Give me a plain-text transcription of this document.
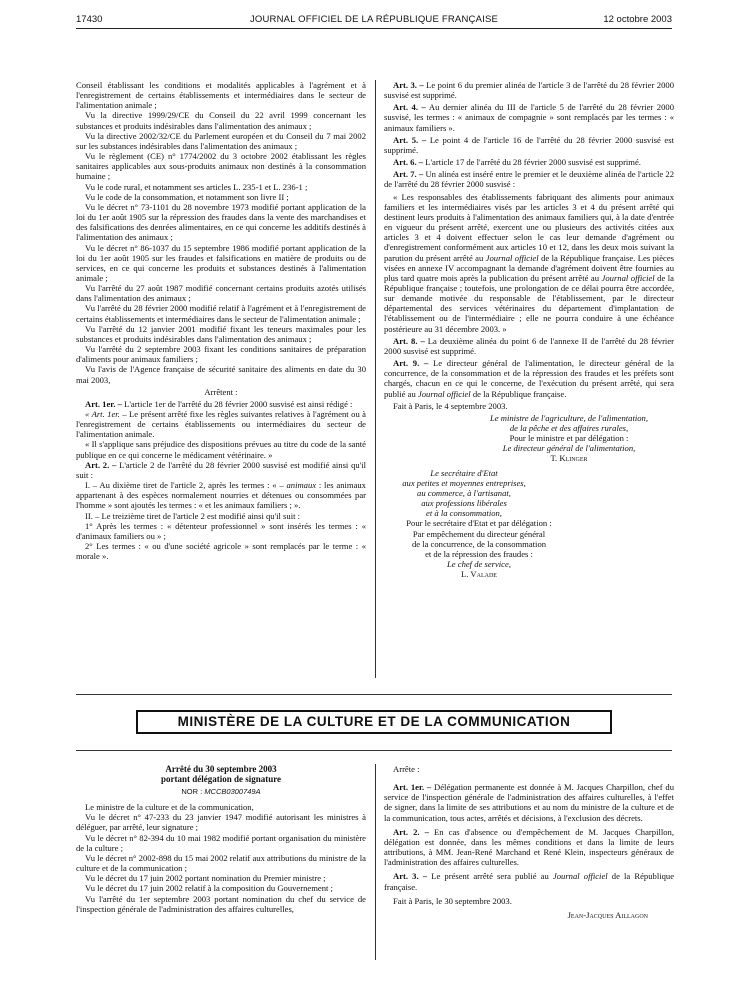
17430	JOURNAL OFFICIEL DE LA RÉPUBLIQUE FRANÇAISE	12 octobre 2003

Conseil établissant les conditions et modalités applicables à l'agrément et à l'enregistrement de certains établissements et intermédiaires dans le secteur de l'alimentation animale ;

Vu la directive 1999/29/CE du Conseil du 22 avril 1999 concernant les substances et produits indésirables dans l'alimentation des animaux ;

Vu la directive 2002/32/CE du Parlement européen et du Conseil du 7 mai 2002 sur les substances indésirables dans l'alimentation des animaux ;

Vu le règlement (CE) n° 1774/2002 du 3 octobre 2002 établissant les règles sanitaires applicables aux sous-produits animaux non destinés à la consommation humaine ;

Vu le code rural, et notamment ses articles L. 235-1 et L. 236-1 ;

Vu le code de la consommation, et notamment son livre II ;

Vu le décret n° 73-1101 du 28 novembre 1973 modifié portant application de la loi du 1er août 1905 sur la répression des fraudes dans la vente des marchandises et des falsifications des denrées alimentaires, en ce qui concerne les additifs destinés à l'alimentation des animaux ;

Vu le décret n° 86-1037 du 15 septembre 1986 modifié portant application de la loi du 1er août 1905 sur les fraudes et falsifications en matière de produits ou de services, en ce qui concerne les produits et substances destinés à l'alimentation animale ;

Vu l'arrêté du 27 août 1987 modifié concernant certains produits azotés utilisés dans l'alimentation des animaux ;

Vu l'arrêté du 28 février 2000 modifié relatif à l'agrément et à l'enregistrement de certains établissements et intermédiaires dans le secteur de l'alimentation animale ;

Vu l'arrêté du 12 janvier 2001 modifié fixant les teneurs maximales pour les substances et produits indésirables dans l'alimentation des animaux ;

Vu l'arrêté du 2 septembre 2003 fixant les conditions sanitaires de préparation d'aliments pour animaux familiers ;

Vu l'avis de l'Agence française de sécurité sanitaire des aliments en date du 30 mai 2003,

Arrêtent :

Art. 1er. – L'article 1er de l'arrêté du 28 février 2000 susvisé est ainsi rédigé :

« Art. 1er. – Le présent arrêté fixe les règles suivantes relatives à l'agrément ou à l'enregistrement de certains établissements ou intermédiaires du secteur de l'alimentation animale.

« Il s'applique sans préjudice des dispositions prévues au titre du code de la santé publique en ce qui concerne le médicament vétérinaire. »

Art. 2. – L'article 2 de l'arrêté du 28 février 2000 susvisé est modifié ainsi qu'il suit :

I. – Au dixième tiret de l'article 2, après les termes : « – animaux : les animaux appartenant à des espèces normalement nourries et détenues ou consommées par l'homme » sont ajoutés les termes : « et les animaux familiers ; ».

II. – Le treizième tiret de l'article 2 est modifié ainsi qu'il suit :

1° Après les termes : « détenteur professionnel » sont insérés les termes : « d'animaux familiers ou » ;

2° Les termes : « ou d'une société agricole » sont remplacés par le terme : « morale ».

Art. 3. – Le point 6 du premier alinéa de l'article 3 de l'arrêté du 28 février 2000 susvisé est supprimé.

Art. 4. – Au dernier alinéa du III de l'article 5 de l'arrêté du 28 février 2000 susvisé, les termes : « animaux de compagnie » sont remplacés par les termes : « animaux familiers ».

Art. 5. – Le point 4 de l'article 16 de l'arrêté du 28 février 2000 susvisé est supprimé.

Art. 6. – L'article 17 de l'arrêté du 28 février 2000 susvisé est supprimé.

Art. 7. – Un alinéa est inséré entre le premier et le deuxième alinéa de l'article 22 de l'arrêté du 28 février 2000 susvisé :

« Les responsables des établissements fabriquant des aliments pour animaux familiers et les intermédiaires visés par les articles 3 et 4 du présent arrêté qui destinent leurs produits à l'alimentation des animaux familiers qui, à la date d'entrée en vigueur du présent arrêté, exercent une ou plusieurs des activités citées aux articles 3 et 4 doivent effectuer selon le cas leur demande d'agrément ou d'enregistrement conformément aux articles 10 et 12, dans les deux mois suivant la parution du présent arrêté au Journal officiel de la République française. Les pièces visées en annexe IV accompagnant la demande d'agrément doivent être fournies au plus tard quatre mois après la publication du présent arrêté au Journal officiel de la République française ; toutefois, une prolongation de ce délai pourra être accordée, sur demande motivée du responsable de l'établissement, par le directeur départemental des services vétérinaires du département d'implantation de l'établissement ou de l'intermédiaire ; elle ne pourra conduire à une échéance postérieure au 31 décembre 2003. »

Art. 8. – La deuxième alinéa du point 6 de l'annexe II de l'arrêté du 28 février 2000 susvisé est supprimé.

Art. 9. – Le directeur général de l'alimentation, le directeur général de la concurrence, de la consommation et de la répression des fraudes et les préfets sont chargés, chacun en ce qui le concerne, de l'exécution du présent arrêté, qui sera publié au Journal officiel de la République française.

Fait à Paris, le 4 septembre 2003.

Le ministre de l'agriculture, de l'alimentation,
de la pêche et des affaires rurales,
Pour le ministre et par délégation :
Le directeur général de l'alimentation,
T. Klinger
Le secrétaire d'Etat
aux petites et moyennes entreprises,
au commerce, à l'artisanat,
aux professions libérales
et à la consommation,
Pour le secrétaire d'Etat et par délégation :
Par empêchement du directeur général
de la concurrence, de la consommation
et de la répression des fraudes :
Le chef de service,
L. Valade
MINISTÈRE DE LA CULTURE ET DE LA COMMUNICATION

Arrêté du 30 septembre 2003

portant délégation de signature

NOR : MCCB0300749A

Le ministre de la culture et de la communication,

Vu le décret n° 47-233 du 23 janvier 1947 modifié autorisant les ministres à déléguer, par arrêté, leur signature ;

Vu le décret n° 82-394 du 10 mai 1982 modifié portant organisation du ministère de la culture ;

Vu le décret n° 2002-898 du 15 mai 2002 relatif aux attributions du ministre de la culture et de la communication ;

Vu le décret du 17 juin 2002 portant nomination du Premier ministre ;

Vu le décret du 17 juin 2002 relatif à la composition du Gouvernement ;

Vu l'arrêté du 1er septembre 2003 portant nomination du chef du service de l'inspection générale de l'administration des affaires culturelles,

Arrête :

Art. 1er. – Délégation permanente est donnée à M. Jacques Charpillon, chef du service de l'inspection générale de l'administration des affaires culturelles, à l'effet de signer, dans la limite de ses attributions et au nom du ministre de la culture et de la communication, tous actes, arrêtés et décisions, à l'exclusion des décrets.

Art. 2. – En cas d'absence ou d'empêchement de M. Jacques Charpillon, délégation est donnée, dans les mêmes conditions et dans la limite de leurs attributions, à MM. Jean-René Marchand et René Klein, inspecteurs généraux de l'administration des affaires culturelles.

Art. 3. – Le présent arrêté sera publié au Journal officiel de la République française.

Fait à Paris, le 30 septembre 2003.

Jean-Jacques Aillagon
